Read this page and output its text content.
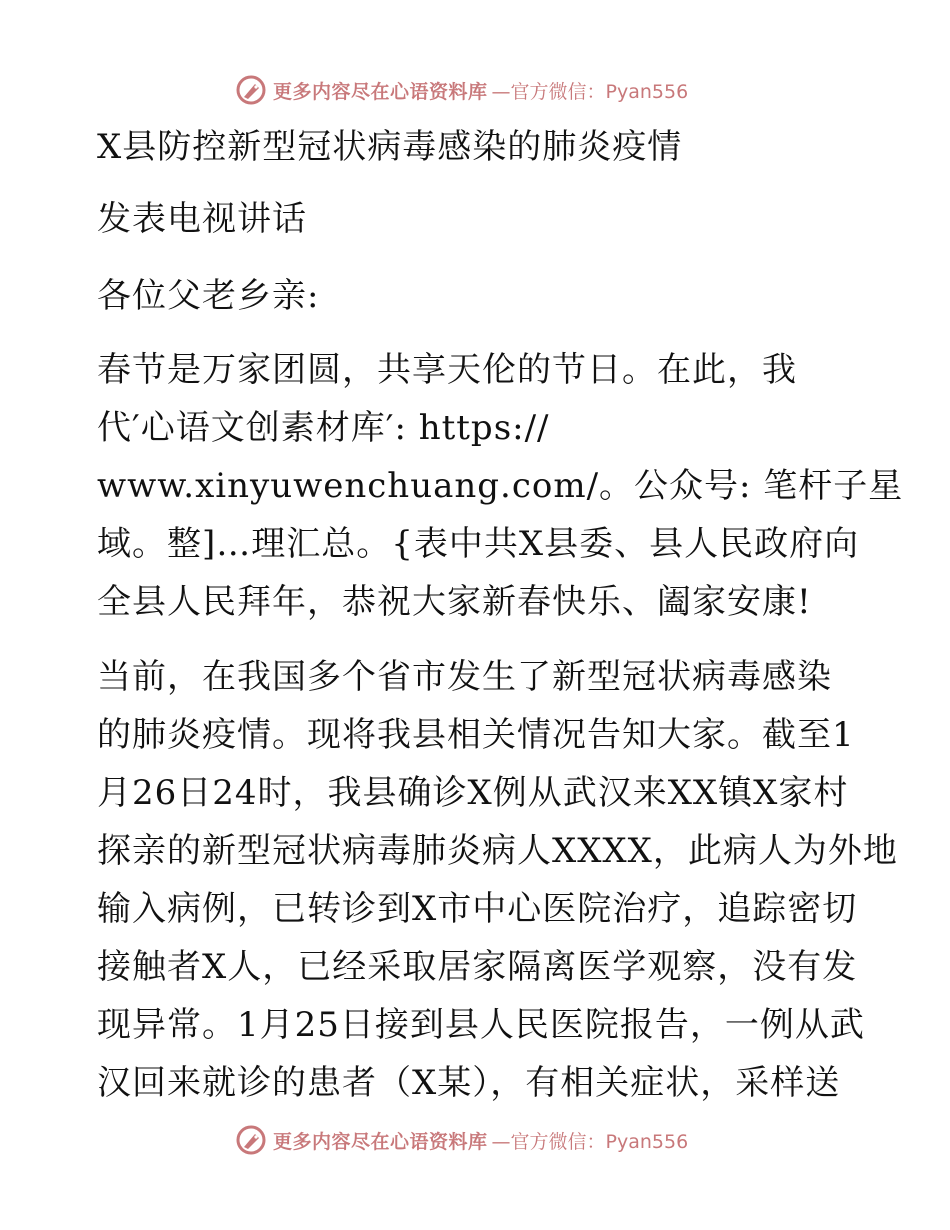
更多内容尽在心语资料库 —官方微信：Pyan556
X县防控新型冠状病毒感染的肺炎疫情
发表电视讲话
各位父老乡亲:
春节是万家团圆，共享天伦的节日。在此，我
代′心语文创素材库′: https://
www.xinyuwenchuang.com/。公众号: 笔杆子星
域。整]…理汇总。{表中共X县委、县人民政府向
全县人民拜年，恭祝大家新春快乐、阖家安康!
当前，在我国多个省市发生了新型冠状病毒感染
的肺炎疫情。现将我县相关情况告知大家。截至1
月26日24时，我县确诊X例从武汉来XX镇X家村
探亲的新型冠状病毒肺炎病人XXXX，此病人为外地
输入病例，已转诊到X市中心医院治疗，追踪密切
接触者X人，已经采取居家隔离医学观察，没有发
现异常。1月25日接到县人民医院报告，一例从武
汉回来就诊的患者（X某），有相关症状，采样送
更多内容尽在心语资料库 —官方微信：Pyan556
